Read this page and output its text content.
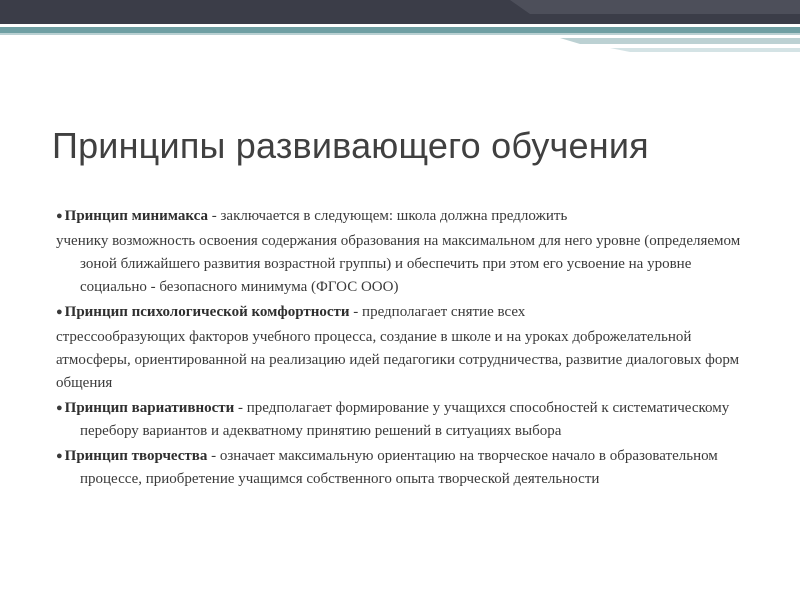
Принципы развивающего обучения

● Принцип минимакса - заключается в следующем: школа должна предложить

ученику возможность освоения содержания образования на максимальном для него уровне (определяемом зоной ближайшего развития возрастной группы) и обеспечить при этом его усвоение на уровне социально - безопасного минимума (ФГОС ООО)

● Принцип психологической комфортности - предполагает снятие всех

стрессообразующих факторов учебного процесса, создание в школе и на уроках доброжелательной атмосферы, ориентированной на реализацию идей педагогики сотрудничества, развитие диалоговых форм общения

● Принцип вариативности - предполагает формирование у учащихся способностей к систематическому перебору вариантов и адекватному принятию решений в ситуациях выбора

● Принцип творчества - означает максимальную ориентацию на творческое начало в образовательном процессе, приобретение учащимся собственного опыта творческой деятельности
